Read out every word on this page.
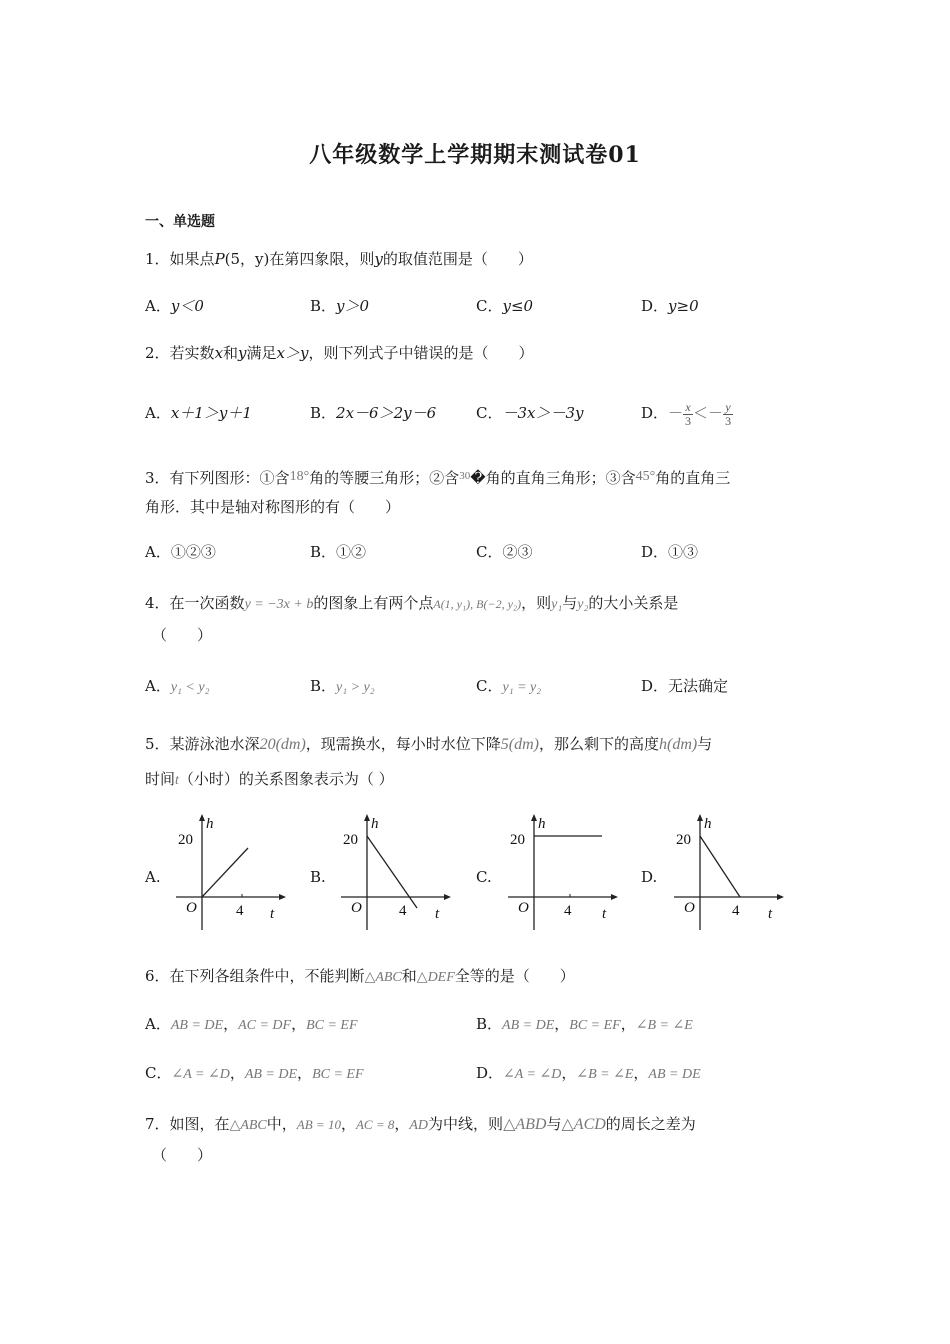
八年级数学上学期期末测试卷01
一、单选题
1．如果点P(5，y)在第四象限，则y的取值范围是（　　）
A．y＜0	B．y＞0	C．y≤0	D．y≥0
2．若实数x和y满足x＞y，则下列式子中错误的是（　　）
A．x＋1＞y＋1	B．2x－6＞2y－6	C．－3x＞－3y	D．－ $\frac{x}{3} <- \frac{y}{3}$
3．有下列图形：①含18°角的等腰三角形；②含$^{30}$�角的直角三角形；③含45°角的直角三
角形．其中是轴对称图形的有（　　）
A．①②③	B．①②	C．②③	D．①③
4．在一次函数y = −3x + b的图象上有两个点A(1, y₁), B(−2, y₂)，则y₁与y₂的大小关系是
（　　）
A．y₁ < y₂	B．y₁ > y₂	C．y₁ = y₂	D．无法确定
5．某游泳池水深20(dm)，现需换水，每小时水位下降5(dm)，那么剩下的高度h(dm)与
时间t（小时）的关系图象表示为（ ）
A.	B.	C.	D.
h
20
O	4 t
h
20
O 4 t
h
20
O 4 t
h
20
O 4 t
6．在下列各组条件中，不能判断△ABC和△DEF全等的是（　　）
A．AB = DE，AC = DF，BC = EF	B．AB = DE，BC = EF，∠B = ∠E
C．∠A = ∠D，AB = DE，BC = EF	D．∠A = ∠D，∠B = ∠E，AB = DE
7．如图，在△ABC中，AB = 10，AC = 8，AD为中线，则△ABD与△ACD的周长之差为
（　　）
